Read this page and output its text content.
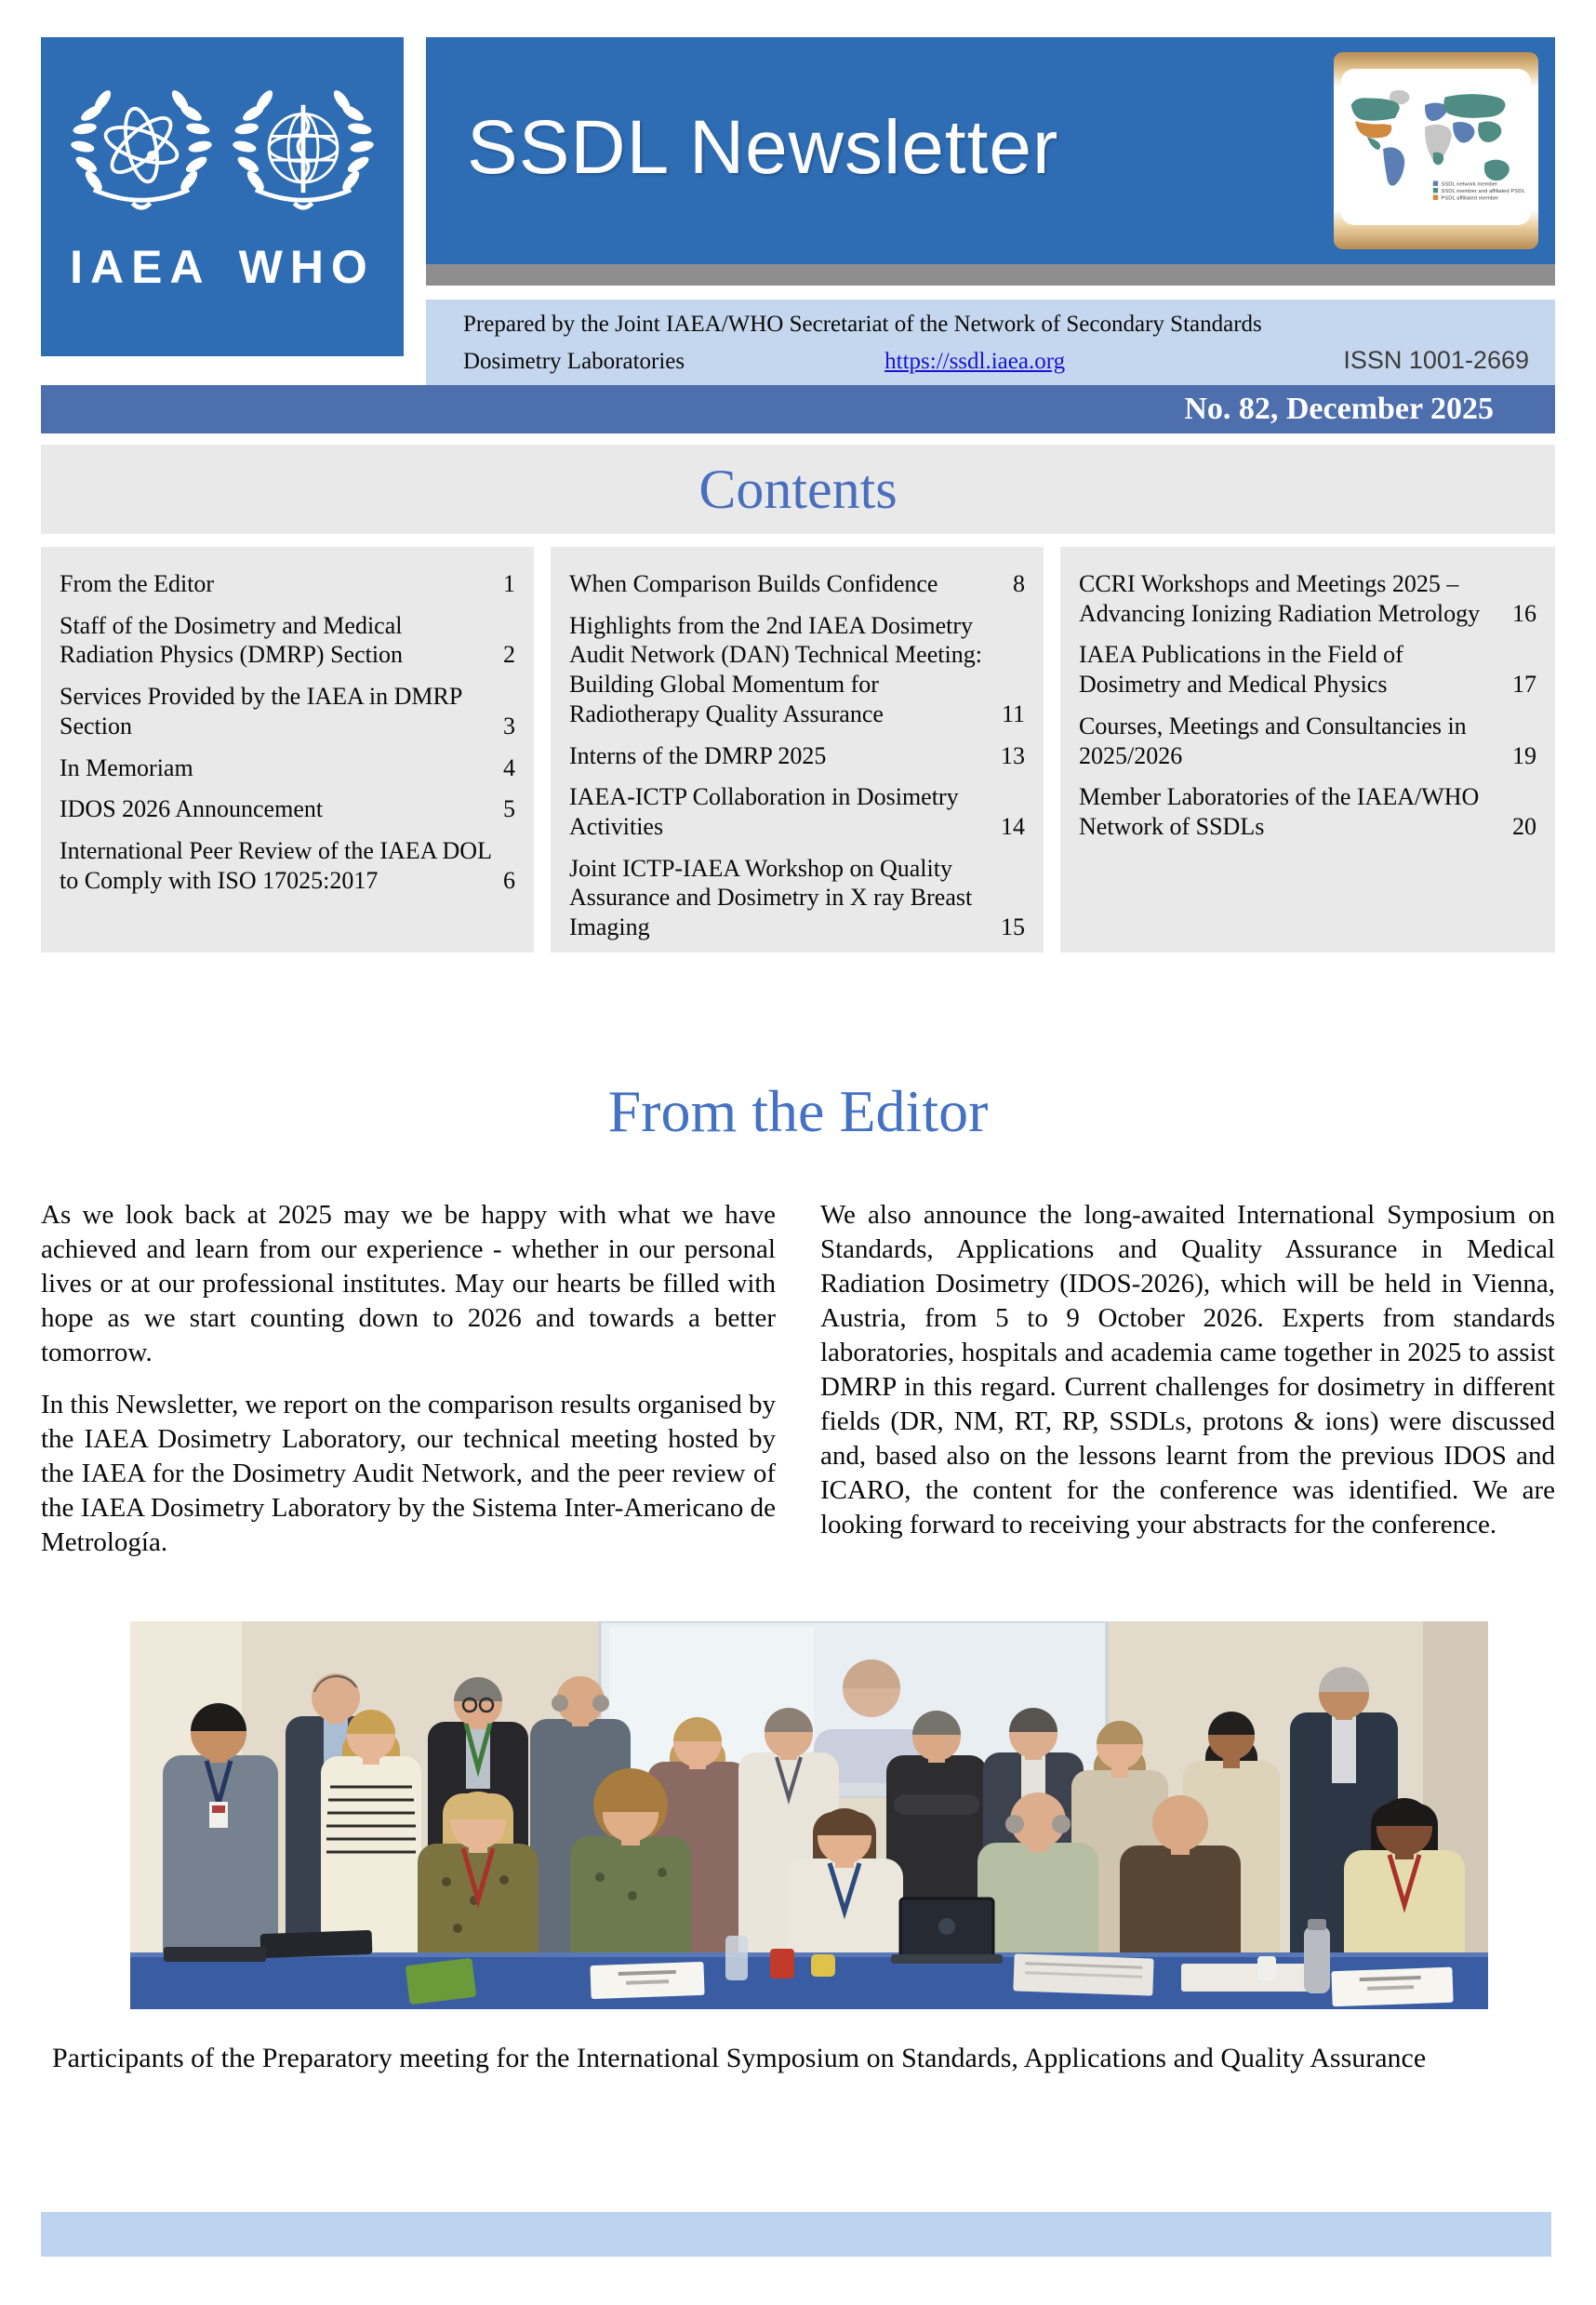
IAEA WHO
SSDL Newsletter	SSDL network member
SSDL member and affiliated PSDL
PSDL affiliated member
Prepared by the Joint IAEA/WHO Secretariat of the Network of Secondary Standards
Dosimetry Laboratories	https://ssdl.iaea.org	ISSN 1001-2669
No. 82, December 2025
Contents
From the Editor	1
Staff of the Dosimetry and Medical Radiation Physics (DMRP) Section	2
Services Provided by the IAEA in DMRP Section	3
In Memoriam	4
IDOS 2026 Announcement	5
International Peer Review of the IAEA DOL to Comply with ISO 17025:2017	6
When Comparison Builds Confidence	8
Highlights from the 2nd IAEA Dosimetry Audit Network (DAN) Technical Meeting: Building Global Momentum for Radiotherapy Quality Assurance	11
Interns of the DMRP 2025	13
IAEA-ICTP Collaboration in Dosimetry Activities	14
Joint ICTP-IAEA Workshop on Quality Assurance and Dosimetry in X ray Breast Imaging	15
CCRI Workshops and Meetings 2025 – Advancing Ionizing Radiation Metrology	16
IAEA Publications in the Field of Dosimetry and Medical Physics	17
Courses, Meetings and Consultancies in 2025/2026	19
Member Laboratories of the IAEA/WHO Network of SSDLs	20
From the Editor

As we look back at 2025 may we be happy with what we have achieved and learn from our experience - whether in our personal lives or at our professional institutes. May our hearts be filled with hope as we start counting down to 2026 and towards a better tomorrow.

In this Newsletter, we report on the comparison results organised by the IAEA Dosimetry Laboratory, our technical meeting hosted by the IAEA for the Dosimetry Audit Network, and the peer review of the IAEA Dosimetry Laboratory by the Sistema Inter-Americano de Metrología.

We also announce the long-awaited International Symposium on Standards, Applications and Quality Assurance in Medical Radiation Dosimetry (IDOS-2026), which will be held in Vienna, Austria, from 5 to 9 October 2026. Experts from standards laboratories, hospitals and academia came together in 2025 to assist DMRP in this regard. Current challenges for dosimetry in different fields (DR, NM, RT, RP, SSDLs, protons & ions) were discussed and, based also on the lessons learnt from the previous IDOS and ICARO, the content for the conference was identified. We are looking forward to receiving your abstracts for the conference.

Participants of the Preparatory meeting for the International Symposium on Standards, Applications and Quality Assurance
